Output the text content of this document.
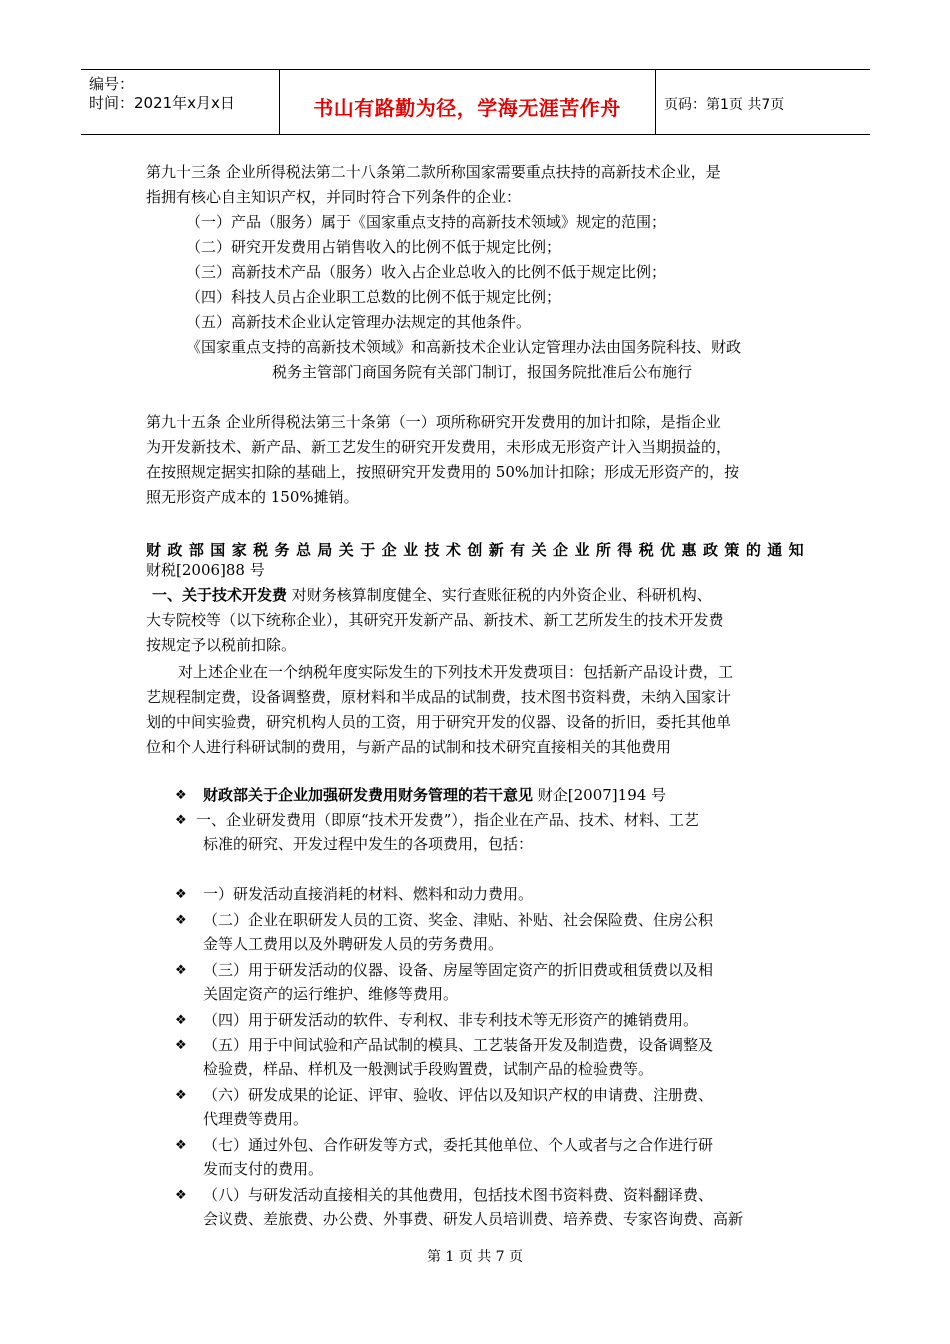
编号：
时间：2021年x月x日	书山有路勤为径，学海无涯苦作舟	页码：第1页 共7页
第九十三条 企业所得税法第二十八条第二款所称国家需要重点扶持的高新技术企业，是
指拥有核心自主知识产权，并同时符合下列条件的企业：
（一）产品（服务）属于《国家重点支持的高新技术领域》规定的范围；
（二）研究开发费用占销售收入的比例不低于规定比例；
（三）高新技术产品（服务）收入占企业总收入的比例不低于规定比例；
（四）科技人员占企业职工总数的比例不低于规定比例；
（五）高新技术企业认定管理办法规定的其他条件。
《国家重点支持的高新技术领域》和高新技术企业认定管理办法由国务院科技、财政
税务主管部门商国务院有关部门制订，报国务院批准后公布施行
第九十五条 企业所得税法第三十条第（一）项所称研究开发费用的加计扣除，是指企业
为开发新技术、新产品、新工艺发生的研究开发费用，未形成无形资产计入当期损益的，
在按照规定据实扣除的基础上，按照研究开发费用的 50%加计扣除；形成无形资产的，按
照无形资产成本的 150%摊销。
财 政 部 国 家 税 务 总 局 关 于 企 业 技 术 创 新 有 关 企 业 所 得 税 优 惠 政 策 的 通 知
财税[2006]88 号
一、关于技术开发费 对财务核算制度健全、实行查账征税的内外资企业、科研机构、
大专院校等（以下统称企业），其研究开发新产品、新技术、新工艺所发生的技术开发费
按规定予以税前扣除。
对上述企业在一个纳税年度实际发生的下列技术开发费项目：包括新产品设计费，工
艺规程制定费，设备调整费，原材料和半成品的试制费，技术图书资料费，未纳入国家计
划的中间实验费，研究机构人员的工资，用于研究开发的仪器、设备的折旧，委托其他单
位和个人进行科研试制的费用，与新产品的试制和技术研究直接相关的其他费用
❖ 财政部关于企业加强研发费用财务管理的若干意见 财企[2007]194 号
❖ 一、企业研发费用（即原“技术开发费”），指企业在产品、技术、材料、工艺
标准的研究、开发过程中发生的各项费用，包括：
❖ 一）研发活动直接消耗的材料、燃料和动力费用。
❖ （二）企业在职研发人员的工资、奖金、津贴、补贴、社会保险费、住房公积
金等人工费用以及外聘研发人员的劳务费用。
❖ （三）用于研发活动的仪器、设备、房屋等固定资产的折旧费或租赁费以及相
关固定资产的运行维护、维修等费用。
❖ （四）用于研发活动的软件、专利权、非专利技术等无形资产的摊销费用。
❖ （五）用于中间试验和产品试制的模具、工艺装备开发及制造费，设备调整及
检验费，样品、样机及一般测试手段购置费，试制产品的检验费等。
❖ （六）研发成果的论证、评审、验收、评估以及知识产权的申请费、注册费、
代理费等费用。
❖ （七）通过外包、合作研发等方式，委托其他单位、个人或者与之合作进行研
发而支付的费用。
❖ （八）与研发活动直接相关的其他费用，包括技术图书资料费、资料翻译费、
会议费、差旅费、办公费、外事费、研发人员培训费、培养费、专家咨询费、高新
第 1 页 共 7 页
